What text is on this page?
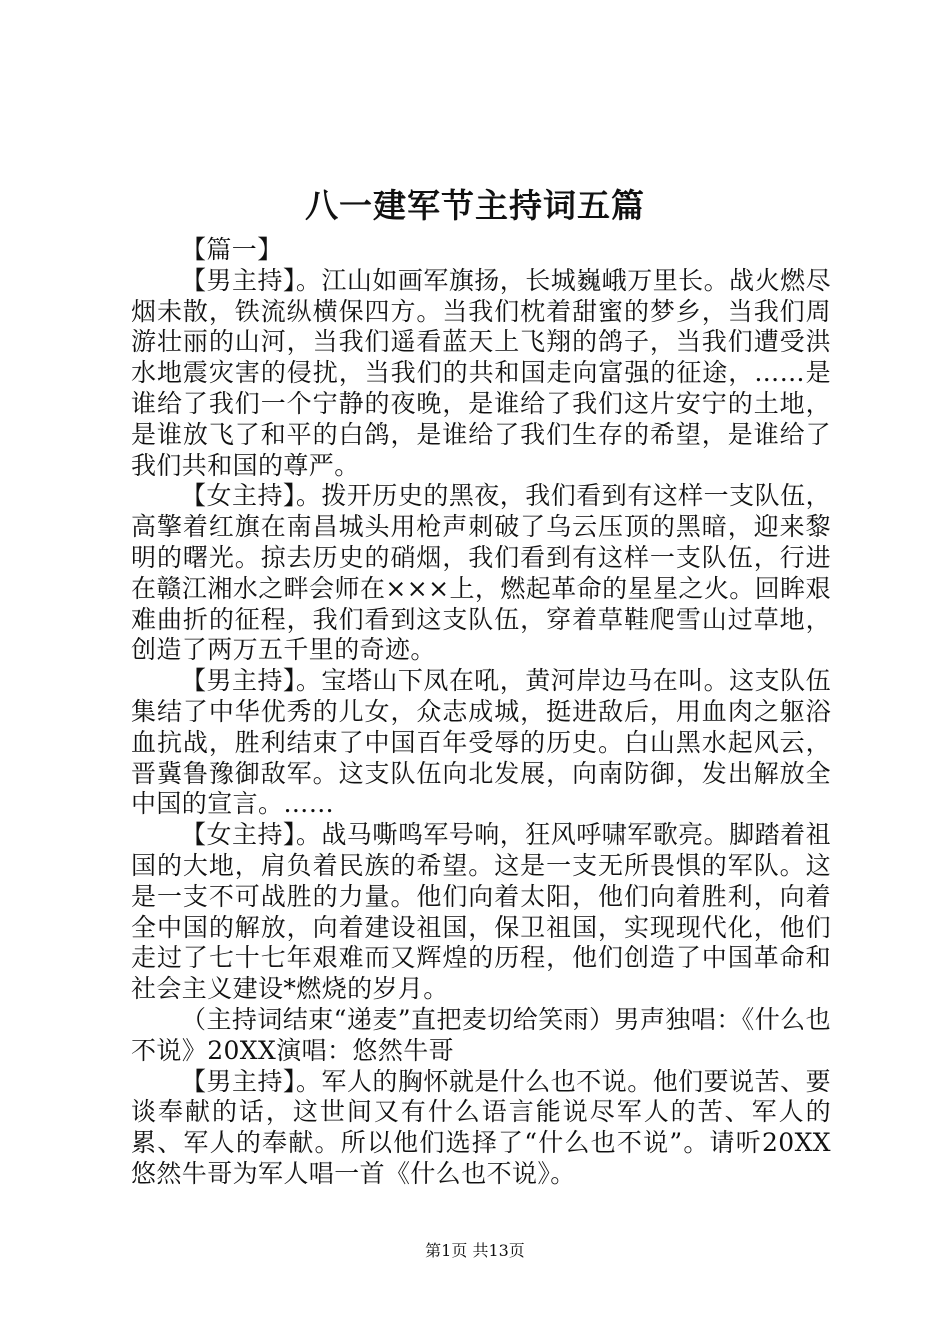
八一建军节主持词五篇

【篇一】

【男主持】。江山如画军旗扬，长城巍峨万里长。战火燃尽烟未散，铁流纵横保四方。当我们枕着甜蜜的梦乡，当我们周游壮丽的山河，当我们遥看蓝天上飞翔的鸽子，当我们遭受洪水地震灾害的侵扰，当我们的共和国走向富强的征途，……是谁给了我们一个宁静的夜晚，是谁给了我们这片安宁的土地，是谁放飞了和平的白鸽，是谁给了我们生存的希望，是谁给了我们共和国的尊严。

【女主持】。拨开历史的黑夜，我们看到有这样一支队伍，高擎着红旗在南昌城头用枪声刺破了乌云压顶的黑暗，迎来黎明的曙光。掠去历史的硝烟，我们看到有这样一支队伍，行进在赣江湘水之畔会师在×××上，燃起革命的星星之火。回眸艰难曲折的征程，我们看到这支队伍，穿着草鞋爬雪山过草地，创造了两万五千里的奇迹。

【男主持】。宝塔山下凤在吼，黄河岸边马在叫。这支队伍集结了中华优秀的儿女，众志成城，挺进敌后，用血肉之躯浴血抗战，胜利结束了中国百年受辱的历史。白山黑水起风云，晋冀鲁豫御敌军。这支队伍向北发展，向南防御，发出解放全中国的宣言。……

【女主持】。战马嘶鸣军号响，狂风呼啸军歌亮。脚踏着祖国的大地，肩负着民族的希望。这是一支无所畏惧的军队。这是一支不可战胜的力量。他们向着太阳，他们向着胜利，向着全中国的解放，向着建设祖国，保卫祖国，实现现代化，他们走过了七十七年艰难而又辉煌的历程，他们创造了中国革命和社会主义建设*燃烧的岁月。

（主持词结束“递麦”直把麦切给笑雨）男声独唱：《什么也不说》20XX演唱：悠然牛哥

【男主持】。军人的胸怀就是什么也不说。他们要说苦、要谈奉献的话，这世间又有什么语言能说尽军人的苦、军人的累、军人的奉献。所以他们选择了“什么也不说”。请听20XX悠然牛哥为军人唱一首《什么也不说》。

第1页 共13页
